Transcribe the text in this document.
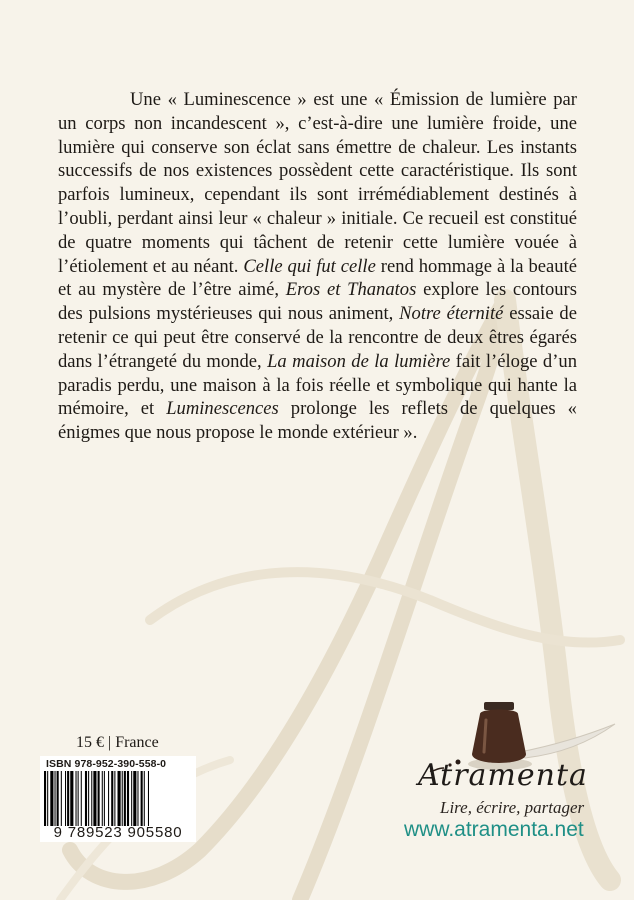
Une « Luminescence » est une « Émission de lumière par un corps non incandescent », c’est-à-dire une lumière froide, une lumière qui conserve son éclat sans émettre de chaleur. Les instants successifs de nos existences possèdent cette caractéristique. Ils sont parfois lumineux, cependant ils sont irrémédiablement destinés à l’oubli, perdant ainsi leur « chaleur » initiale. Ce recueil est constitué de quatre moments qui tâchent de retenir cette lumière vouée à l’étiolement et au néant. Celle qui fut celle rend hommage à la beauté et au mystère de l’être aimé, Eros et Thanatos explore les contours des pulsions mystérieuses qui nous animent, Notre éternité essaie de retenir ce qui peut être conservé de la rencontre de deux êtres égarés dans l’étrangeté du monde, La maison de la lumière fait l’éloge d’un paradis perdu, une maison à la fois réelle et symbolique qui hante la mémoire, et Luminescences prolonge les reflets de quelques « énigmes que nous propose le monde extérieur ».

15 € | France
ISBN 978-952-390-558-0
9 789523 905580
Atramenta
Lire, écrire, partager
www.atramenta.net
